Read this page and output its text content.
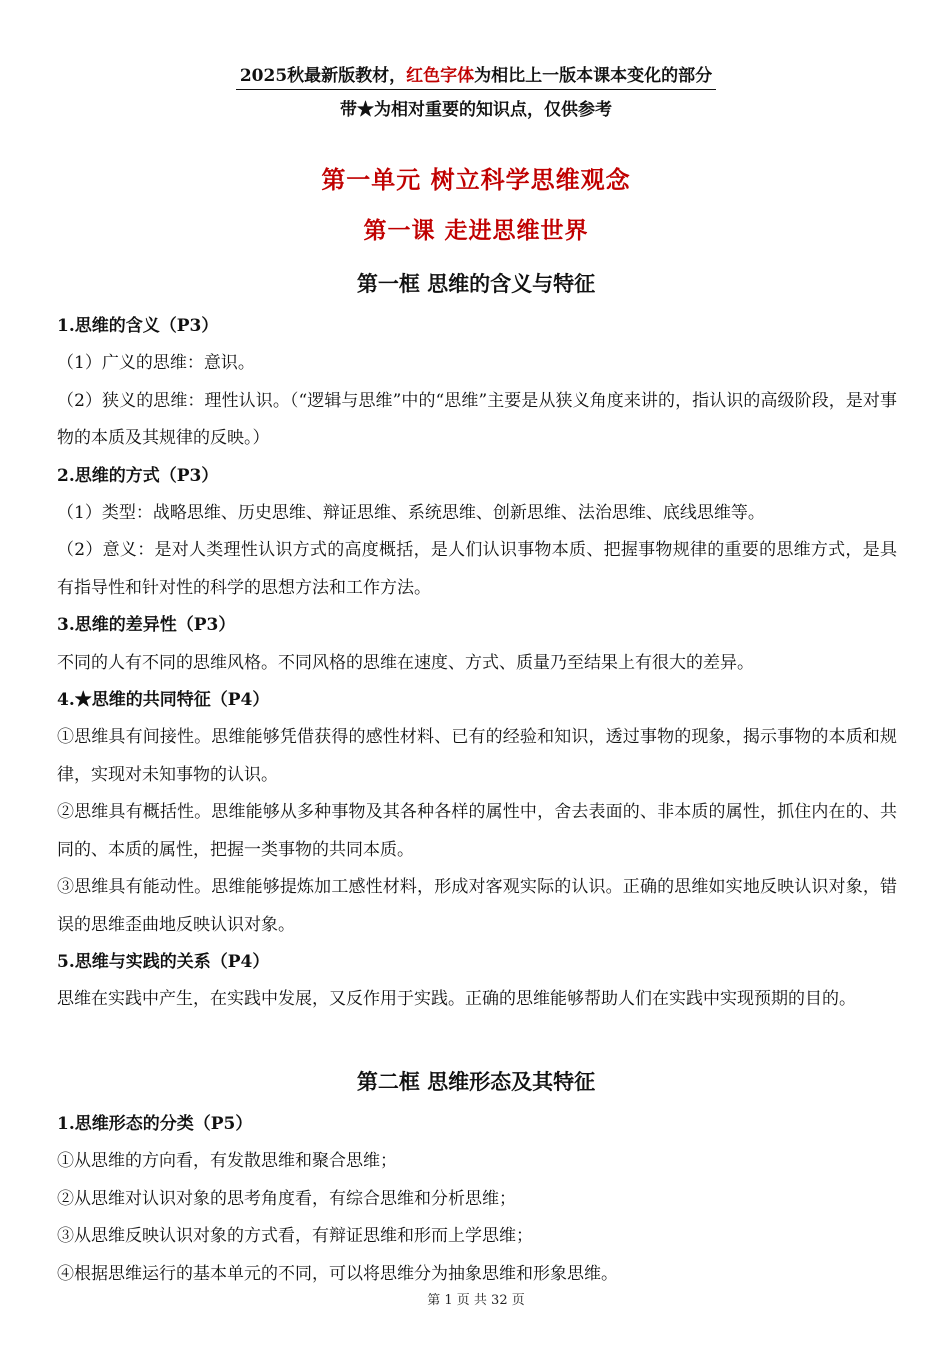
2025秋最新版教材，红色字体为相比上一版本课本变化的部分
带★为相对重要的知识点，仅供参考
第一单元 树立科学思维观念
第一课 走进思维世界
第一框 思维的含义与特征

1.思维的含义（P3）

（1）广义的思维：意识。

（2）狭义的思维：理性认识。（“逻辑与思维”中的“思维”主要是从狭义角度来讲的，指认识的高级阶段，是对事物的本质及其规律的反映。）

2.思维的方式（P3）

（1）类型：战略思维、历史思维、辩证思维、系统思维、创新思维、法治思维、底线思维等。

（2）意义：是对人类理性认识方式的高度概括，是人们认识事物本质、把握事物规律的重要的思维方式，是具有指导性和针对性的科学的思想方法和工作方法。

3.思维的差异性（P3）

不同的人有不同的思维风格。不同风格的思维在速度、方式、质量乃至结果上有很大的差异。

4.★思维的共同特征（P4）

①思维具有间接性。思维能够凭借获得的感性材料、已有的经验和知识，透过事物的现象，揭示事物的本质和规律，实现对未知事物的认识。

②思维具有概括性。思维能够从多种事物及其各种各样的属性中，舍去表面的、非本质的属性，抓住内在的、共同的、本质的属性，把握一类事物的共同本质。

③思维具有能动性。思维能够提炼加工感性材料，形成对客观实际的认识。正确的思维如实地反映认识对象，错误的思维歪曲地反映认识对象。

5.思维与实践的关系（P4）

思维在实践中产生，在实践中发展，又反作用于实践。正确的思维能够帮助人们在实践中实现预期的目的。

第二框 思维形态及其特征

1.思维形态的分类（P5）

①从思维的方向看，有发散思维和聚合思维；

②从思维对认识对象的思考角度看，有综合思维和分析思维；

③从思维反映认识对象的方式看，有辩证思维和形而上学思维；

④根据思维运行的基本单元的不同，可以将思维分为抽象思维和形象思维。

第 1 页 共 32 页
